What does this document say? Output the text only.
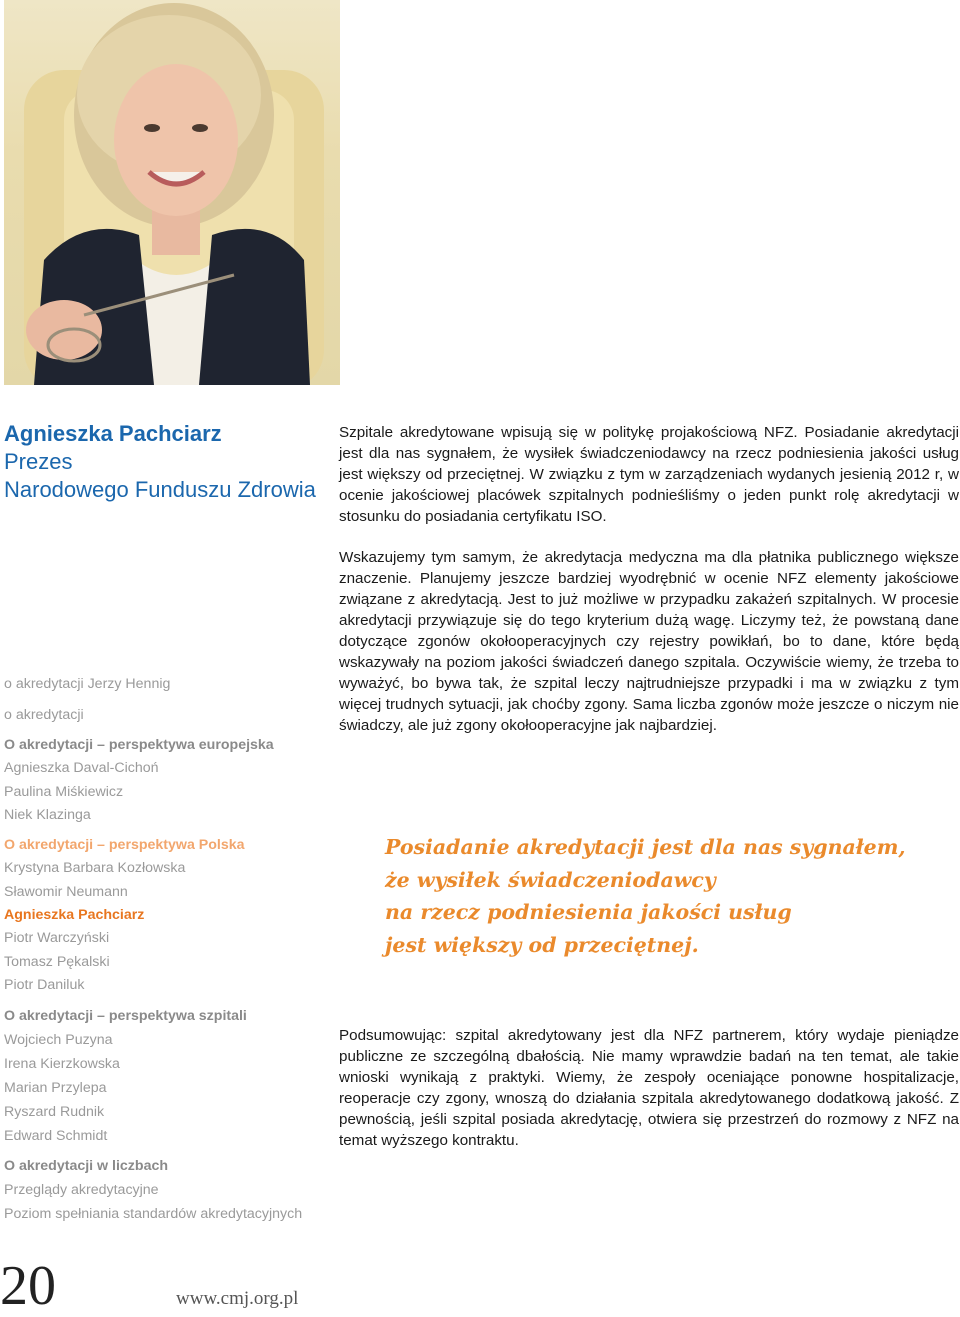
Agnieszka Pachciarz
Prezes
Narodowego Funduszu Zdrowia
Szpitale akredytowane wpisują się w politykę projakościową NFZ. Posiadanie akredytacji jest dla nas sygnałem, że wysiłek świadczeniodawcy na rzecz podniesienia jakości usług jest większy od przeciętnej. W związku z tym w zarządzeniach wydanych jesienią 2012 r, w ocenie jakościowej placówek szpitalnych podnieśliśmy o jeden punkt rolę akredytacji w stosunku do posiadania certyfikatu ISO.
Wskazujemy tym samym, że akredytacja medyczna ma dla płatnika publicznego większe znaczenie. Planujemy jeszcze bardziej wyodrębnić w ocenie NFZ elementy jakościowe związane z akredytacją. Jest to już możliwe w przypadku zakażeń szpitalnych. W procesie akredytacji przywiązuje się do tego kryterium dużą wagę. Liczymy też, że powstaną dane dotyczące zgonów okołooperacyjnych czy rejestry powikłań, bo to dane, które będą wskazywały na poziom jakości świadczeń danego szpitala. Oczywiście wiemy, że trzeba to wyważyć, bo bywa tak, że szpital leczy najtrudniejsze przypadki i ma w związku z tym więcej trudnych sytuacji, jak choćby zgony. Sama liczba zgonów może jeszcze o niczym nie świadczy, ale już zgony okołooperacyjne jak najbardziej.
Posiadanie akredytacji jest dla nas sygnałem,
że wysiłek świadczeniodawcy
na rzecz podniesienia jakości usług
jest większy od przeciętnej.
Podsumowując: szpital akredytowany jest dla NFZ partnerem, który wydaje pieniądze publiczne ze szczególną dbałością. Nie mamy wprawdzie badań na ten temat, ale takie wnioski wynikają z praktyki. Wiemy, że zespoły oceniające ponowne hospitalizacje, reoperacje czy zgony, wnoszą do działania szpitala akredytowanego dodatkową jakość. Z pewnością, jeśli szpital posiada akredytację, otwiera się przestrzeń do rozmowy z NFZ na temat wyższego kontraktu.
o akredytacji Jerzy Hennig
o akredytacji
O akredytacji – perspektywa europejska
Agnieszka Daval-Cichoń
Paulina Miśkiewicz
Niek Klazinga
O akredytacji – perspektywa Polska
Krystyna Barbara Kozłowska
Sławomir Neumann
Agnieszka Pachciarz
Piotr Warczyński
Tomasz Pękalski
Piotr Daniluk
O akredytacji – perspektywa szpitali
Wojciech Puzyna
Irena Kierzkowska
Marian Przylepa
Ryszard Rudnik
Edward Schmidt
O akredytacji w liczbach
Przeglądy akredytacyjne
Poziom spełniania standardów akredytacyjnych
20	www.cmj.org.pl
